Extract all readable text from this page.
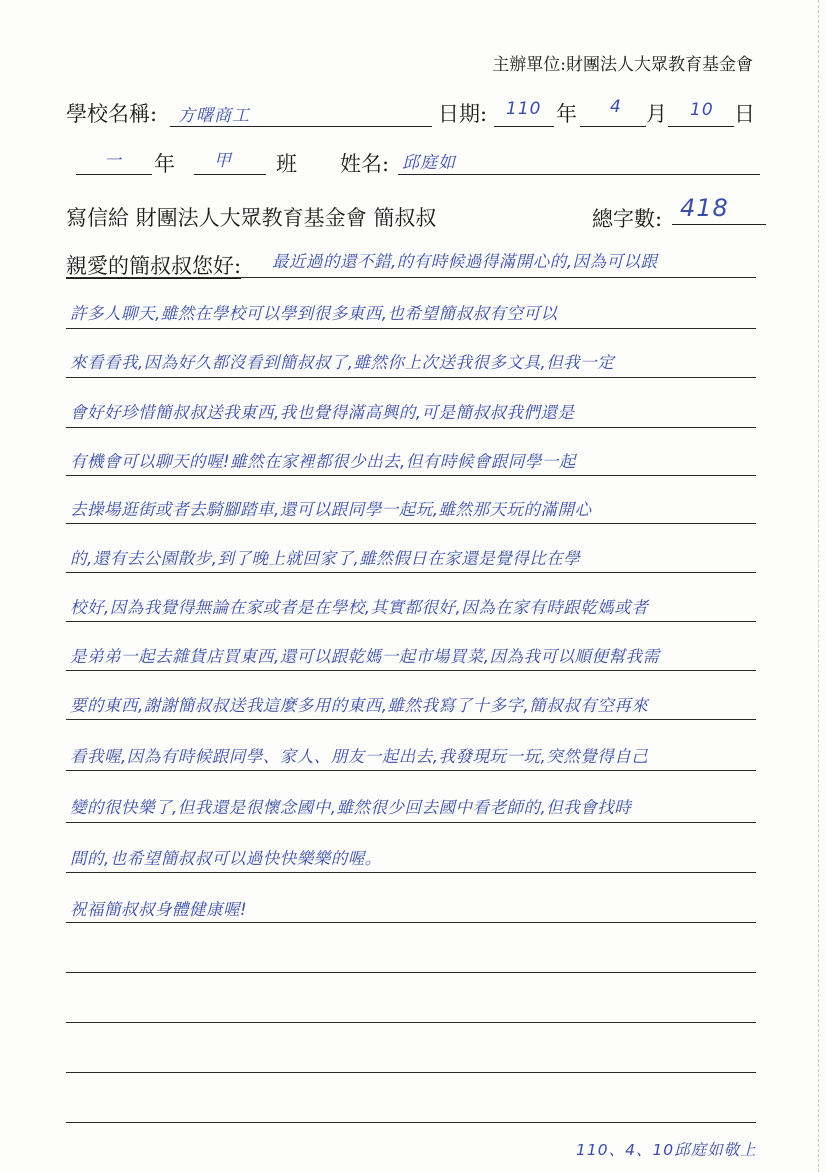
主辦單位:財團法人大眾教育基金會
學校名稱: 方曙商工	日期: 110 年 4 月 10 日
一 年 甲 班 姓名: 邱庭如
寫信給 財團法人大眾教育基金會 簡叔叔	總字數: 418
親愛的簡叔叔您好: 最近過的還不錯,的有時候過得滿開心的,因為可以跟
許多人聊天,雖然在學校可以學到很多東西,也希望簡叔叔有空可以
來看看我,因為好久都沒看到簡叔叔了,雖然你上次送我很多文具,但我一定
會好好珍惜簡叔叔送我東西,我也覺得滿高興的,可是簡叔叔我們還是
有機會可以聊天的喔!雖然在家裡都很少出去,但有時候會跟同學一起
去操場逛街或者去騎腳踏車,還可以跟同學一起玩,雖然那天玩的滿開心
的,還有去公園散步,到了晚上就回家了,雖然假日在家還是覺得比在學
校好,因為我覺得無論在家或者是在學校,其實都很好,因為在家有時跟乾媽或者
是弟弟一起去雜貨店買東西,還可以跟乾媽一起市場買菜,因為我可以順便幫我需
要的東西,謝謝簡叔叔送我這麼多用的東西,雖然我寫了十多字,簡叔叔有空再來
看我喔,因為有時候跟同學、家人、朋友一起出去,我發現玩一玩,突然覺得自己
變的很快樂了,但我還是很懷念國中,雖然很少回去國中看老師的,但我會找時
間的,也希望簡叔叔可以過快快樂樂的喔。
祝福簡叔叔身體健康喔!
110、4、10邱庭如敬上
